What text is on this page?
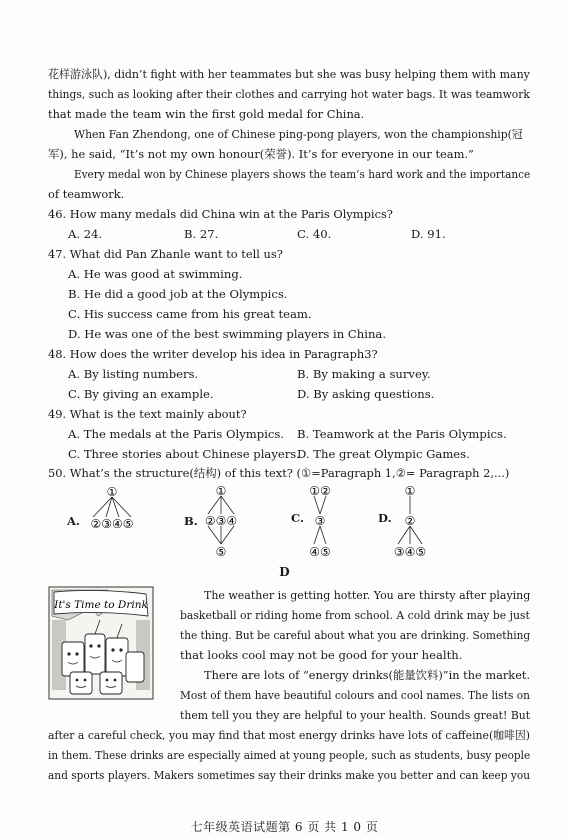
花样游泳队), didn’t fight with her teammates but she was busy helping them with many
things, such as looking after their clothes and carrying hot water bags. It was teamwork
that made the team win the first gold medal for China.
When Fan Zhendong, one of Chinese ping-pong players, won the championship(冠
军), he said, “It’s not my own honour(荣誉). It’s for everyone in our team.”
Every medal won by Chinese players shows the team’s hard work and the importance
of teamwork.
46. How many medals did China win at the Paris Olympics?
A. 24.	B. 27.	C. 40.	D. 91.
47. What did Pan Zhanle want to tell us?
A. He was good at swimming.
B. He did a good job at the Olympics.
C. His success came from his great team.
D. He was one of the best swimming players in China.
48. How does the writer develop his idea in Paragraph3?
A. By listing numbers.	B. By making a survey.
C. By giving an example.	D. By asking questions.
49. What is the text mainly about?
A. The medals at the Paris Olympics. B. Teamwork at the Paris Olympics.
C. Three stories about Chinese players.
D. The great Olympic Games.
50. What’s the structure(结构) of this text? (①=Paragraph 1,②= Paragraph 2,...)
A.
①
②③④⑤	B.
①
②③④
⑤
C.
①②
③
④⑤
D.
①
②
③④⑤
D
It's Time to Drink
The weather is getting hotter. You are thirsty after playing
basketball or riding home from school. A cold drink may be just
the thing. But be careful about what you are drinking. Something
that looks cool may not be good for your health.
There are lots of “energy drinks(能量饮料)”in the market.
Most of them have beautiful colours and cool names. The lists on
them tell you they are helpful to your health. Sounds great! But
after a careful check, you may find that most energy drinks have lots of caffeine(咖啡因)
in them. These drinks are especially aimed at young people, such as students, busy people
and sports players. Makers sometimes say their drinks make you better and can keep you
七年级英语试题第 6 页 共 1 0 页
